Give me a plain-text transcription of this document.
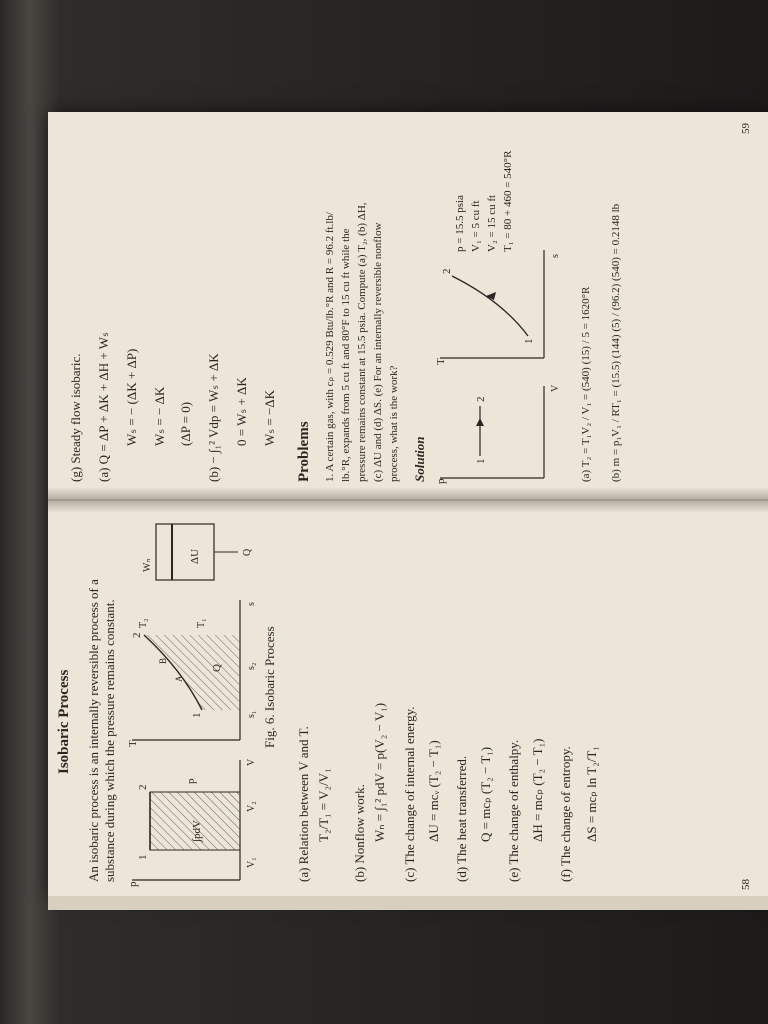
Isobaric Process An isobaric process is an internally reversible process of a substance during which the pressure remains constant.
p
∫pdV
p
1
2
V₁
V₂
V
T
1
2
T₁
T₂
A
B
Q
s₁
s₂
s
Wₙ
ΔU	Q
Fig. 6. Isobaric Process
(a) Relation between V and T. T₂/T₁ = V₂/V₁ (b) Nonflow work. Wₙ = ∫₁² pdV = p(V₂ − V₁) (c) The change of internal energy. ΔU = mcᵥ (T₂ − T₁) (d) The heat transferred. Q = mcₚ (T₂ − T₁) (e) The change of enthalpy. ΔH = mcₚ (T₂ − T₁) (f) The change of entropy. ΔS = mcₚ ln T₂/T₁
58
(g) Steady flow isobaric. (a) Q = ΔP + ΔK + ΔH + Wₛ Wₛ = − (ΔK + ΔP) Wₛ = − ΔK (ΔP = 0) (b) − ∫₁² Vdp = Wₛ + ΔK 0 = Wₛ + ΔK Wₛ = −ΔK
Problems 1. A certain gas, with cₚ = 0.529 Btu/lb.°R and R = 96.2 ft.lb/ lb.°R, expands from 5 cu ft and 80°F to 15 cu ft while the pressure remains constant at 15.5 psia. Compute (a) T₂, (b) ΔH, (c) ΔU and (d) ΔS. (e) For an internally reversible nonflow process, what is the work? Solution p
1
2
V
T
1
2
s
p = 15.5 psia V₁ = 5 cu ft V₂ = 15 cu ft T₁ = 80 + 460 = 540°R
(a) T₂ = T₁V₂ / V₁ = (540) (15) / 5 = 1620°R (b) m = p₁V₁ / RT₁ = (15.5) (144) (5) / (96.2) (540) = 0.2148 lb
59
